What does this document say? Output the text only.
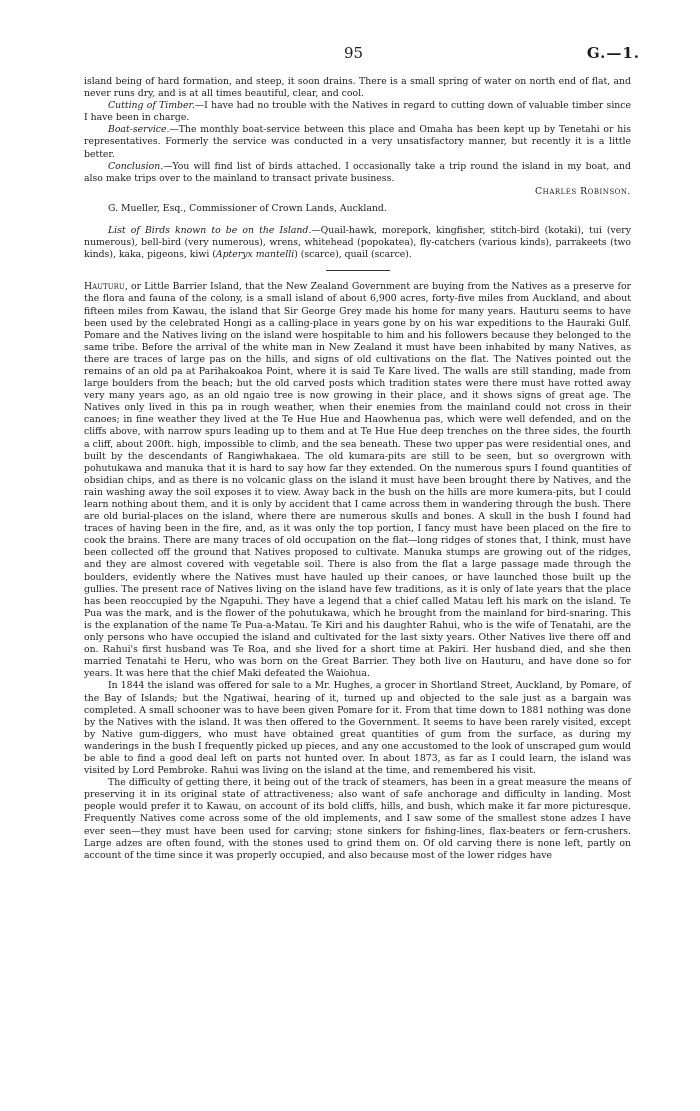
95	G.—1.

island being of hard formation, and steep, it soon drains. There is a small spring of water on north end of flat, and never runs dry, and is at all times beautiful, clear, and cool.

Cutting of Timber.—I have had no trouble with the Natives in regard to cutting down of valuable timber since I have been in charge.

Boat-service.—The monthly boat-service between this place and Omaha has been kept up by Tenetahi or his representatives. Formerly the service was conducted in a very unsatisfactory manner, but recently it is a little better.

Conclusion.—You will find list of birds attached. I occasionally take a trip round the island in my boat, and also make trips over to the mainland to transact private business.

Charles Robinson.

G. Mueller, Esq., Commissioner of Crown Lands, Auckland.

List of Birds known to be on the Island.—Quail-hawk, morepork, kingfisher, stitch-bird (kotaki), tui (very numerous), bell-bird (very numerous), wrens, whitehead (popokatea), fly-catchers (various kinds), parrakeets (two kinds), kaka, pigeons, kiwi (Apteryx mantelli) (scarce), quail (scarce).

Hauturu, or Little Barrier Island, that the New Zealand Government are buying from the Natives as a preserve for the flora and fauna of the colony, is a small island of about 6,900 acres, forty-five miles from Auckland, and about fifteen miles from Kawau, the island that Sir George Grey made his home for many years. Hauturu seems to have been used by the celebrated Hongi as a calling-place in years gone by on his war expeditions to the Hauraki Gulf. Pomare and the Natives living on the island were hospitable to him and his followers because they belonged to the same tribe. Before the arrival of the white man in New Zealand it must have been inhabited by many Natives, as there are traces of large pas on the hills, and signs of old cultivations on the flat. The Natives pointed out the remains of an old pa at Parihakoakoa Point, where it is said Te Kare lived. The walls are still standing, made from large boulders from the beach; but the old carved posts which tradition states were there must have rotted away very many years ago, as an old ngaio tree is now growing in their place, and it shows signs of great age. The Natives only lived in this pa in rough weather, when their enemies from the mainland could not cross in their canoes; in fine weather they lived at the Te Hue Hue and Haowhenua pas, which were well defended, and on the cliffs above, with narrow spurs leading up to them and at Te Hue Hue deep trenches on the three sides, the fourth a cliff, about 200ft. high, impossible to climb, and the sea beneath. These two upper pas were residential ones, and built by the descendants of Rangiwhakaea. The old kumara-pits are still to be seen, but so overgrown with pohutukawa and manuka that it is hard to say how far they extended. On the numerous spurs I found quantities of obsidian chips, and as there is no volcanic glass on the island it must have been brought there by Natives, and the rain washing away the soil exposes it to view. Away back in the bush on the hills are more kumera-pits, but I could learn nothing about them, and it is only by accident that I came across them in wandering through the bush. There are old burial-places on the island, where there are numerous skulls and bones. A skull in the bush I found had traces of having been in the fire, and, as it was only the top portion, I fancy must have been placed on the fire to cook the brains. There are many traces of old occupation on the flat—long ridges of stones that, I think, must have been collected off the ground that Natives proposed to cultivate. Manuka stumps are growing out of the ridges, and they are almost covered with vegetable soil. There is also from the flat a large passage made through the boulders, evidently where the Natives must have hauled up their canoes, or have launched those built up the gullies. The present race of Natives living on the island have few traditions, as it is only of late years that the place has been reoccupied by the Ngapuhi. They have a legend that a chief called Matau left his mark on the island. Te Pua was the mark, and is the flower of the pohutukawa, which he brought from the mainland for bird-snaring. This is the explanation of the name Te Pua-a-Matau. Te Kiri and his daughter Rahui, who is the wife of Tenatahi, are the only persons who have occupied the island and cultivated for the last sixty years. Other Natives live there off and on. Rahui's first husband was Te Roa, and she lived for a short time at Pakiri. Her husband died, and she then married Tenatahi te Heru, who was born on the Great Barrier. They both live on Hauturu, and have done so for years. It was here that the chief Maki defeated the Waiohua.

In 1844 the island was offered for sale to a Mr. Hughes, a grocer in Shortland Street, Auckland, by Pomare, of the Bay of Islands; but the Ngatiwai, hearing of it, turned up and objected to the sale just as a bargain was completed. A small schooner was to have been given Pomare for it. From that time down to 1881 nothing was done by the Natives with the island. It was then offered to the Government. It seems to have been rarely visited, except by Native gum-diggers, who must have obtained great quantities of gum from the surface, as during my wanderings in the bush I frequently picked up pieces, and any one accustomed to the look of unscraped gum would be able to find a good deal left on parts not hunted over. In about 1873, as far as I could learn, the island was visited by Lord Pembroke. Rahui was living on the island at the time, and remembered his visit.

The difficulty of getting there, it being out of the track of steamers, has been in a great measure the means of preserving it in its original state of attractiveness; also want of safe anchorage and difficulty in landing. Most people would prefer it to Kawau, on account of its bold cliffs, hills, and bush, which make it far more picturesque. Frequently Natives come across some of the old implements, and I saw some of the smallest stone adzes I have ever seen—they must have been used for carving; stone sinkers for fishing-lines, flax-beaters or fern-crushers. Large adzes are often found, with the stones used to grind them on. Of old carving there is none left, partly on account of the time since it was properly occupied, and also because most of the lower ridges have
